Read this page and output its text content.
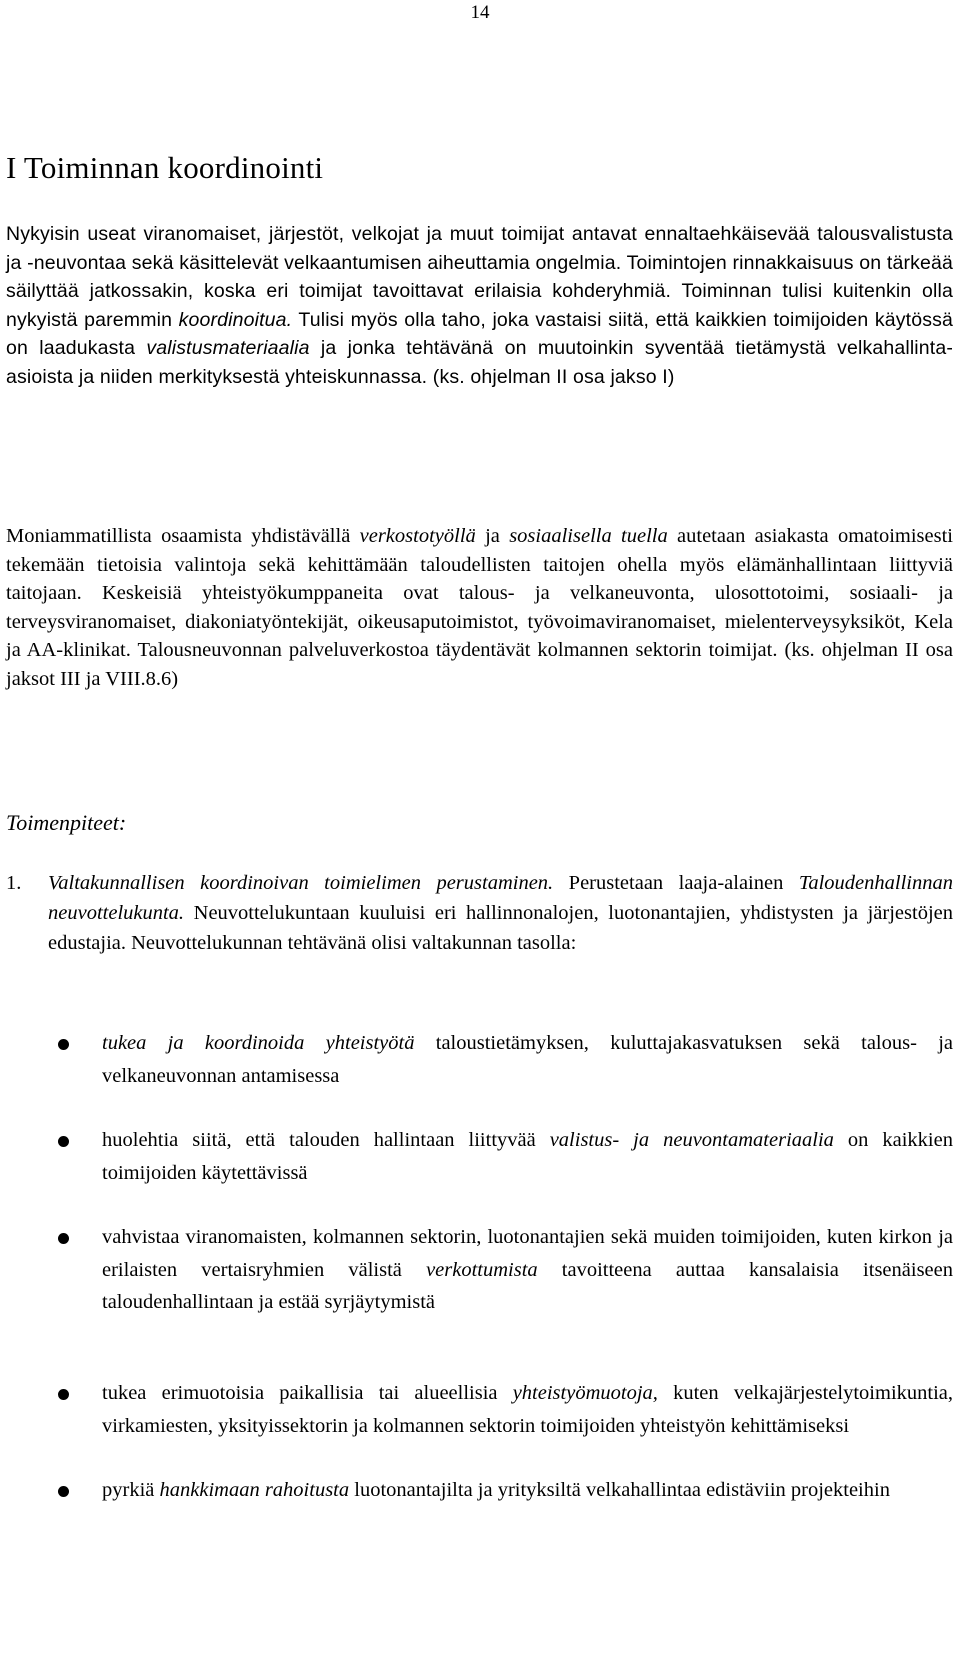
14
I Toiminnan koordinointi

Nykyisin useat viranomaiset, järjestöt, velkojat ja muut toimijat antavat ennaltaehkäisevää talousvalistusta ja -neuvontaa sekä käsittelevät velkaantumisen aiheuttamia ongelmia. Toimintojen rinnakkaisuus on tärkeää säilyttää jatkossakin, koska eri toimijat tavoittavat erilaisia kohderyhmiä. Toiminnan tulisi kuitenkin olla nykyistä paremmin koordinoitua. Tulisi myös olla taho, joka vastaisi siitä, että kaikkien toimijoiden käytössä on laadukasta valistusmateriaalia ja jonka tehtävänä on muutoinkin syventää tietämystä velkahallinta-asioista ja niiden merkityksestä yhteiskunnassa. (ks. ohjelman II osa jakso I)

Moniammatillista osaamista yhdistävällä verkostotyöllä ja sosiaalisella tuella autetaan asiakasta omatoimisesti tekemään tietoisia valintoja sekä kehittämään taloudellisten taitojen ohella myös elämänhallintaan liittyviä taitojaan. Keskeisiä yhteistyökumppaneita ovat talous- ja velkaneuvonta, ulosottotoimi, sosiaali- ja terveysviranomaiset, diakoniatyöntekijät, oikeusaputoimistot, työvoimaviranomaiset, mielenterveysyksiköt, Kela ja AA-klinikat. Talousneuvonnan palveluverkostoa täydentävät kolmannen sektorin toimijat. (ks. ohjelman II osa jaksot III ja VIII.8.6)

Toimenpiteet:
1. Valtakunnallisen koordinoivan toimielimen perustaminen. Perustetaan laaja-alainen Taloudenhallinnan neuvottelukunta. Neuvottelukuntaan kuuluisi eri hallinnonalojen, luotonantajien, yhdistysten ja järjestöjen edustajia. Neuvottelukunnan tehtävänä olisi valtakunnan tasolla:
tukea ja koordinoida yhteistyötä taloustietämyksen, kuluttajakasvatuksen sekä talous- ja velkaneuvonnan antamisessa
huolehtia siitä, että talouden hallintaan liittyvää valistus- ja neuvontamateriaalia on kaikkien toimijoiden käytettävissä
vahvistaa viranomaisten, kolmannen sektorin, luotonantajien sekä muiden toimijoiden, kuten kirkon ja erilaisten vertaisryhmien välistä verkottumista tavoitteena auttaa kansalaisia itsenäiseen taloudenhallintaan ja estää syrjäytymistä
tukea erimuotoisia paikallisia tai alueellisia yhteistyömuotoja, kuten velkajärjestelytoimikuntia, virkamiesten, yksityissektorin ja kolmannen sektorin toimijoiden yhteistyön kehittämiseksi
pyrkiä hankkimaan rahoitusta luotonantajilta ja yrityksiltä velkahallintaa edistäviin projekteihin
